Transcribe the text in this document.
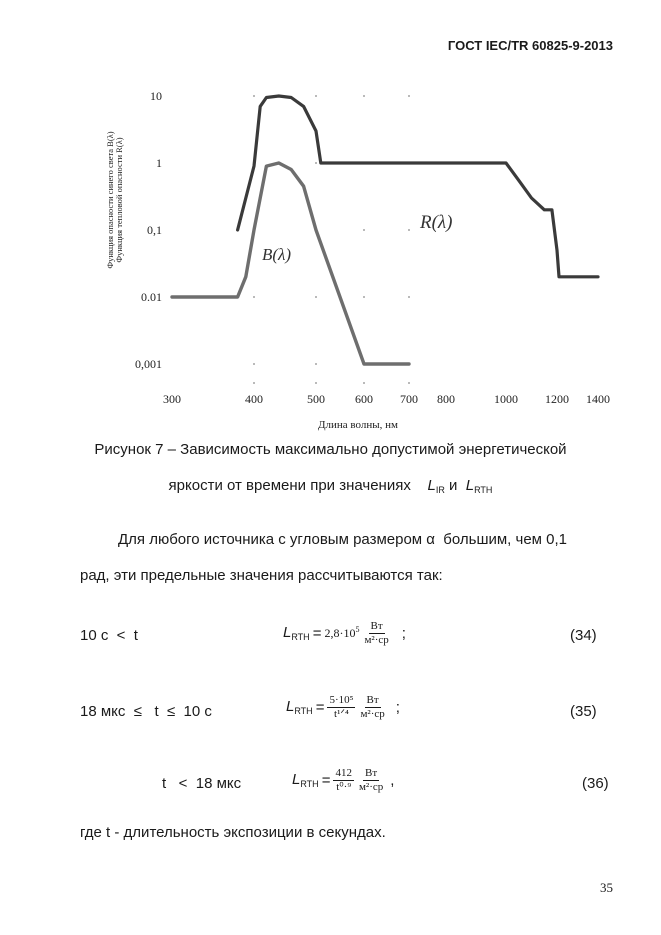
ГОСТ IEC/TR 60825-9-2013
Функция опасности синего света B(λ) Функция тепловой опасности R(λ)
10
1
0,1
0.01
0,001
300	400	500	600 700 800	1000 1200 1400
R(λ)
B(λ)
Длина волны, нм
Рисунок 7 – Зависимость максимально допустимой энергетической
яркости от времени при значениях $L_{IR}$ и $L_{RTH}$
Для любого источника с угловым размером α  большим, чем 0,1
рад, эти предельные значения рассчитываются так:
10 с  <  t	$L_{RTH} = 2,8\cdot 10^5 \frac{Вт}{\text{м²·ср}}$ ;	(34)
18 мкс  ≤   t  ≤  10 с	$L_{RTH} = \frac{\text{5·10⁵}}{\text{t¹ᐟ⁴}} \frac{Вт}{\text{м²·ср}}$ ;	(35)
t   <  18 мкс	$L_{RTH} = \frac{412}{\text{t⁰·⁹}} \frac{Вт}{\text{м²·ср}}$ ,	(36)
где t - длительность экспозиции в секундах.
35
